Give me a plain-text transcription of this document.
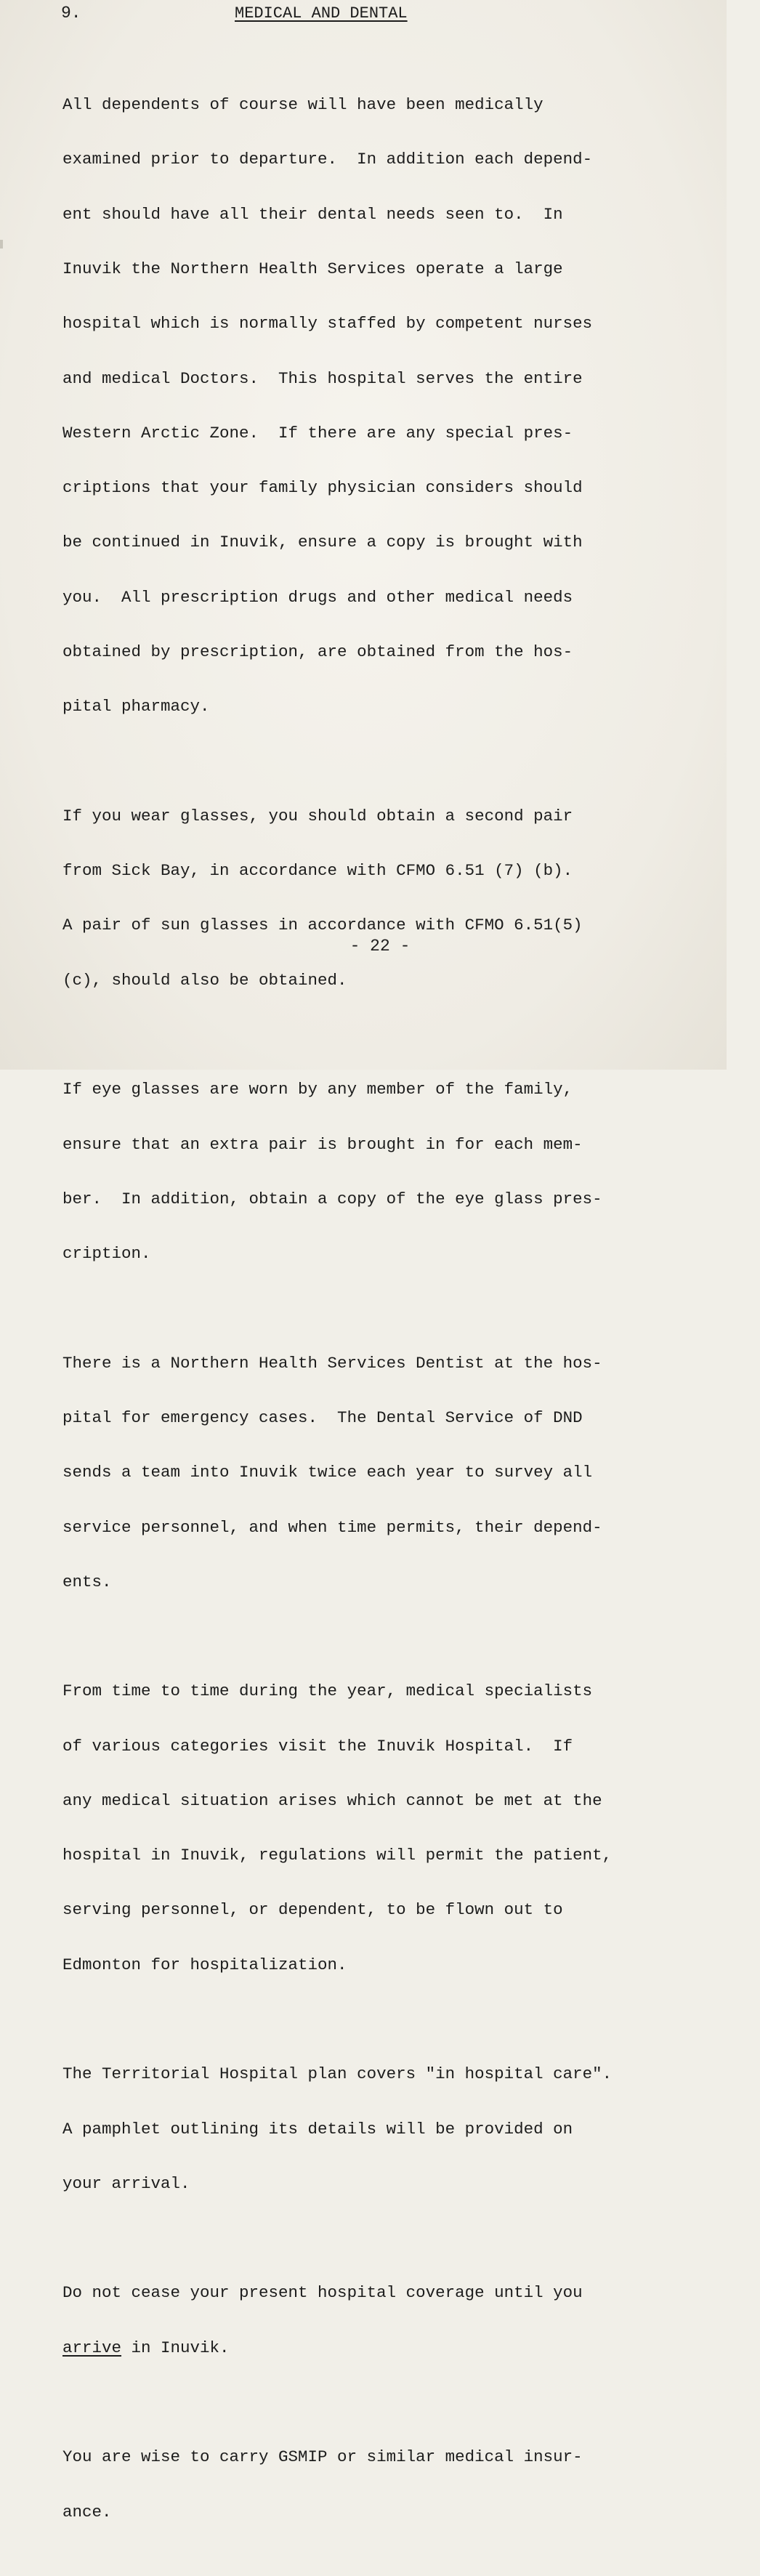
9.	MEDICAL AND DENTAL

All dependents of course will have been medically

examined prior to departure.  In addition each depend-

ent should have all their dental needs seen to.  In

Inuvik the Northern Health Services operate a large

hospital which is normally staffed by competent nurses

and medical Doctors.  This hospital serves the entire

Western Arctic Zone.  If there are any special pres-

criptions that your family physician considers should

be continued in Inuvik, ensure a copy is brought with

you.  All prescription drugs and other medical needs

obtained by prescription, are obtained from the hos-

pital pharmacy.

If you wear glasses, you should obtain a second pair

from Sick Bay, in accordance with CFMO 6.51 (7) (b).

A pair of sun glasses in accordance with CFMO 6.51(5)

(c), should also be obtained.

If eye glasses are worn by any member of the family,

ensure that an extra pair is brought in for each mem-

ber.  In addition, obtain a copy of the eye glass pres-

cription.

There is a Northern Health Services Dentist at the hos-

pital for emergency cases.  The Dental Service of DND

sends a team into Inuvik twice each year to survey all

service personnel, and when time permits, their depend-

ents.

From time to time during the year, medical specialists

of various categories visit the Inuvik Hospital.  If

any medical situation arises which cannot be met at the

hospital in Inuvik, regulations will permit the patient,

serving personnel, or dependent, to be flown out to

Edmonton for hospitalization.

The Territorial Hospital plan covers "in hospital care".

A pamphlet outlining its details will be provided on

your arrival.

Do not cease your present hospital coverage until you

arrive in Inuvik.

You are wise to carry GSMIP or similar medical insur-

ance.

- 22 -
